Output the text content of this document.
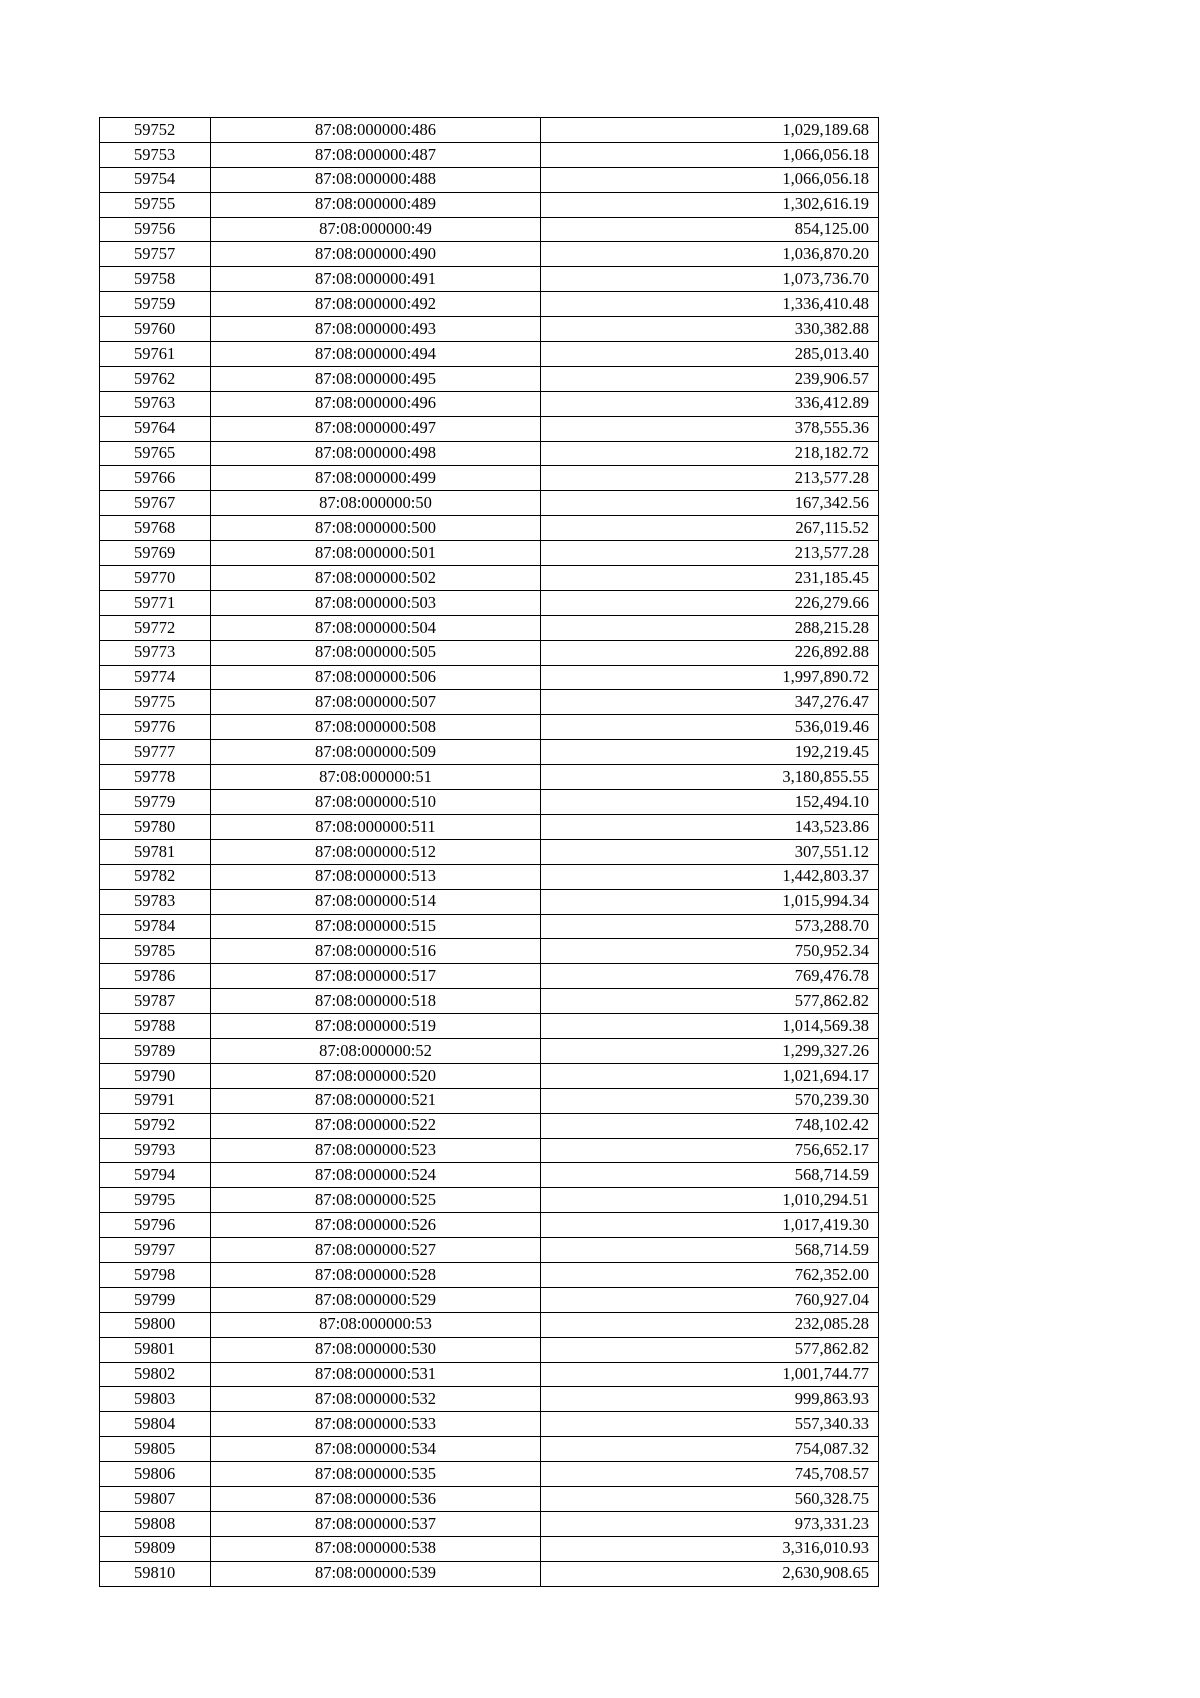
59752	87:08:000000:486	1,029,189.68
59753	87:08:000000:487	1,066,056.18
59754	87:08:000000:488	1,066,056.18
59755	87:08:000000:489	1,302,616.19
59756	87:08:000000:49	854,125.00
59757	87:08:000000:490	1,036,870.20
59758	87:08:000000:491	1,073,736.70
59759	87:08:000000:492	1,336,410.48
59760	87:08:000000:493	330,382.88
59761	87:08:000000:494	285,013.40
59762	87:08:000000:495	239,906.57
59763	87:08:000000:496	336,412.89
59764	87:08:000000:497	378,555.36
59765	87:08:000000:498	218,182.72
59766	87:08:000000:499	213,577.28
59767	87:08:000000:50	167,342.56
59768	87:08:000000:500	267,115.52
59769	87:08:000000:501	213,577.28
59770	87:08:000000:502	231,185.45
59771	87:08:000000:503	226,279.66
59772	87:08:000000:504	288,215.28
59773	87:08:000000:505	226,892.88
59774	87:08:000000:506	1,997,890.72
59775	87:08:000000:507	347,276.47
59776	87:08:000000:508	536,019.46
59777	87:08:000000:509	192,219.45
59778	87:08:000000:51	3,180,855.55
59779	87:08:000000:510	152,494.10
59780	87:08:000000:511	143,523.86
59781	87:08:000000:512	307,551.12
59782	87:08:000000:513	1,442,803.37
59783	87:08:000000:514	1,015,994.34
59784	87:08:000000:515	573,288.70
59785	87:08:000000:516	750,952.34
59786	87:08:000000:517	769,476.78
59787	87:08:000000:518	577,862.82
59788	87:08:000000:519	1,014,569.38
59789	87:08:000000:52	1,299,327.26
59790	87:08:000000:520	1,021,694.17
59791	87:08:000000:521	570,239.30
59792	87:08:000000:522	748,102.42
59793	87:08:000000:523	756,652.17
59794	87:08:000000:524	568,714.59
59795	87:08:000000:525	1,010,294.51
59796	87:08:000000:526	1,017,419.30
59797	87:08:000000:527	568,714.59
59798	87:08:000000:528	762,352.00
59799	87:08:000000:529	760,927.04
59800	87:08:000000:53	232,085.28
59801	87:08:000000:530	577,862.82
59802	87:08:000000:531	1,001,744.77
59803	87:08:000000:532	999,863.93
59804	87:08:000000:533	557,340.33
59805	87:08:000000:534	754,087.32
59806	87:08:000000:535	745,708.57
59807	87:08:000000:536	560,328.75
59808	87:08:000000:537	973,331.23
59809	87:08:000000:538	3,316,010.93
59810	87:08:000000:539	2,630,908.65
